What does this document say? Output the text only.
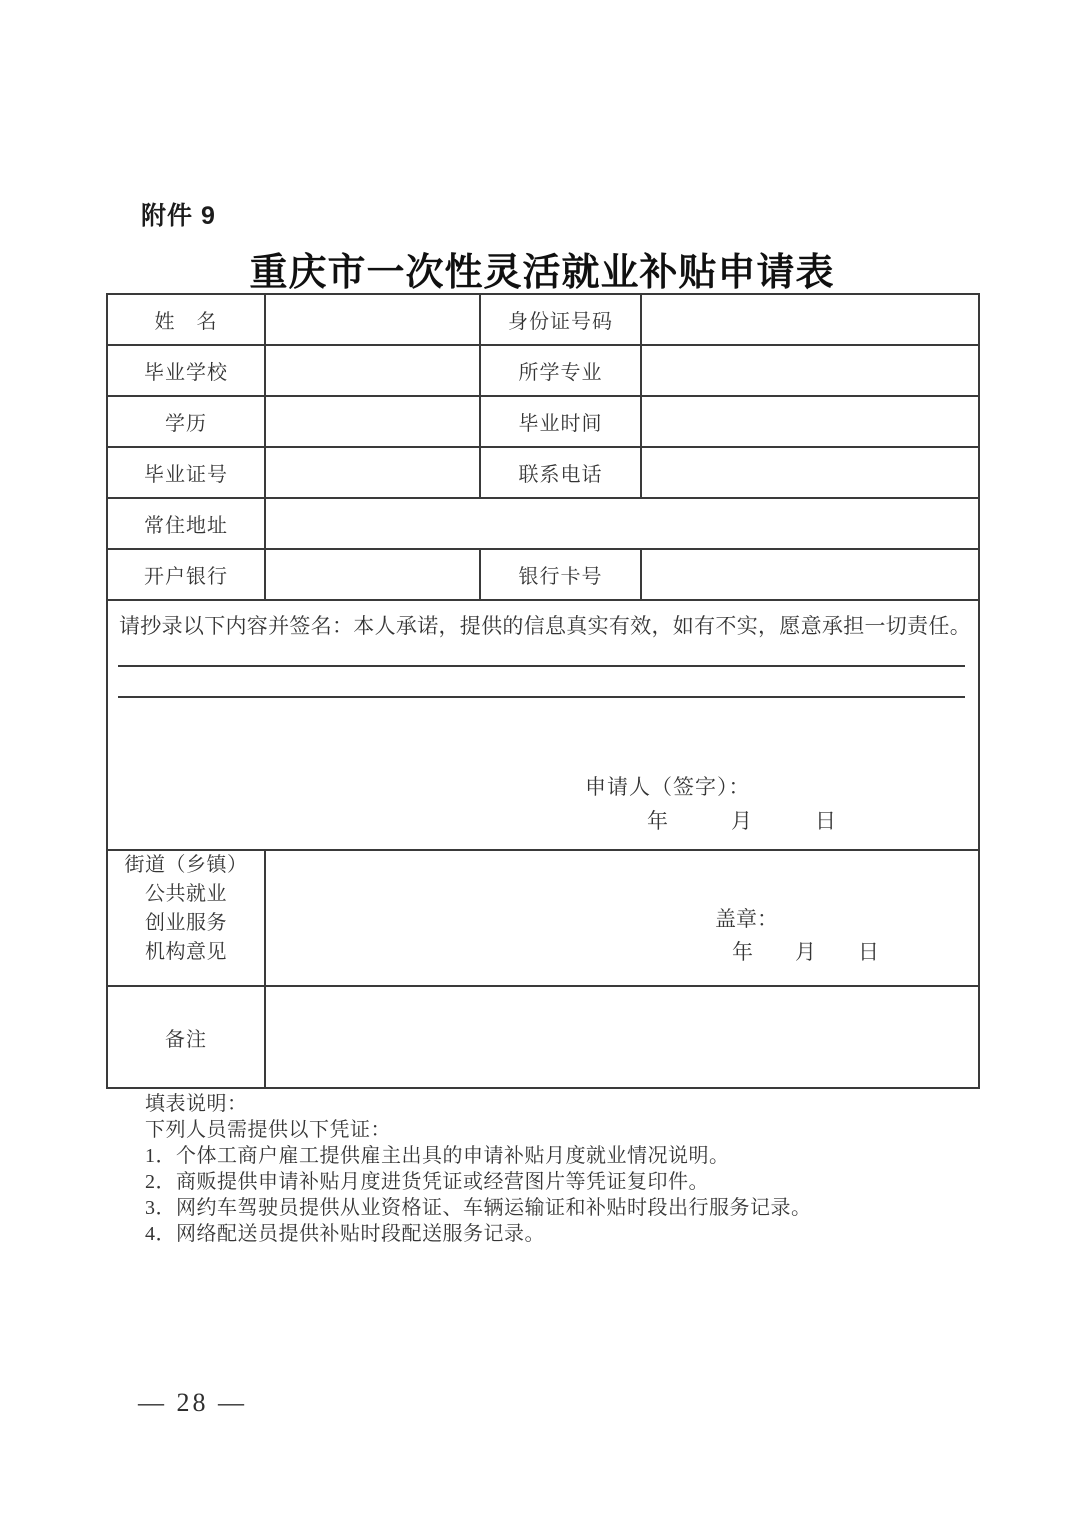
附件 9
重庆市一次性灵活就业补贴申请表
姓　名		身份证号码	
毕业学校		所学专业	
学历		毕业时间	
毕业证号		联系电话	
常住地址			
开户银行		银行卡号	

请抄录以下内容并签名：本人承诺，提供的信息真实有效，如有不实，愿意承担一切责任。
申请人（签字）：
年　　　月　　　日			

街道（乡镇）
公共就业
创业服务
机构意见

盖章：
年　　月　　日

备注			
填表说明：
下列人员需提供以下凭证：
1．个体工商户雇工提供雇主出具的申请补贴月度就业情况说明。
2．商贩提供申请补贴月度进货凭证或经营图片等凭证复印件。
3．网约车驾驶员提供从业资格证、车辆运输证和补贴时段出行服务记录。
4．网络配送员提供补贴时段配送服务记录。
— 28 —
